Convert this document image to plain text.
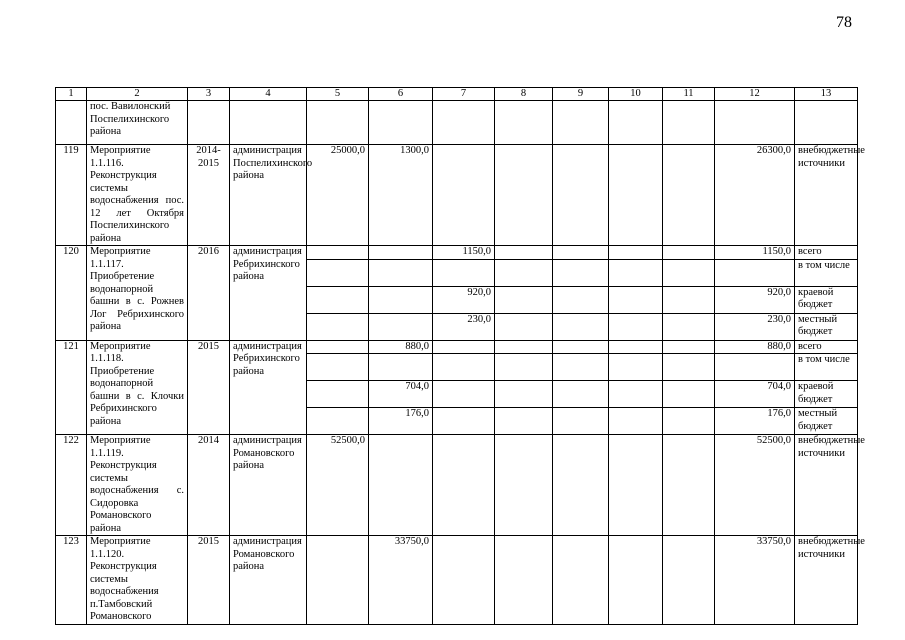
78
1	2	3	4	5	6	7	8	9	10	11	12	13
	пос. Вавилонский Поспелихинского района											
119	Мероприятие 1.1.116. Реконструкция системы водоснабжения пос. 12 лет Октября Поспелихинского района	2014-2015	администрация Поспелихинского района	25000,0	1300,0						26300,0	внебюджетные источники
120	Мероприятие 1.1.117. Приобретение водонапорной башни в с. Рожнев Лог Ребрихинского района	2016	администрация Ребрихинского района			1150,0					1150,0	всего
												в том числе
						920,0					920,0	краевой бюджет
						230,0					230,0	местный бюджет
121	Мероприятие 1.1.118. Приобретение водонапорной башни в с. Клочки Ребрихинского района	2015	администрация Ребрихинского района		880,0						880,0	всего
												в том числе
					704,0						704,0	краевой бюджет
					176,0						176,0	местный бюджет
122	Мероприятие 1.1.119. Реконструкция системы водоснабжения с. Сидоровка Романовского района	2014	администрация Романовского района	52500,0							52500,0	внебюджетные источники
123	Мероприятие 1.1.120. Реконструкция системы водоснабжения п.Тамбовский Романовского	2015	администрация Романовского района		33750,0						33750,0	внебюджетные источники
